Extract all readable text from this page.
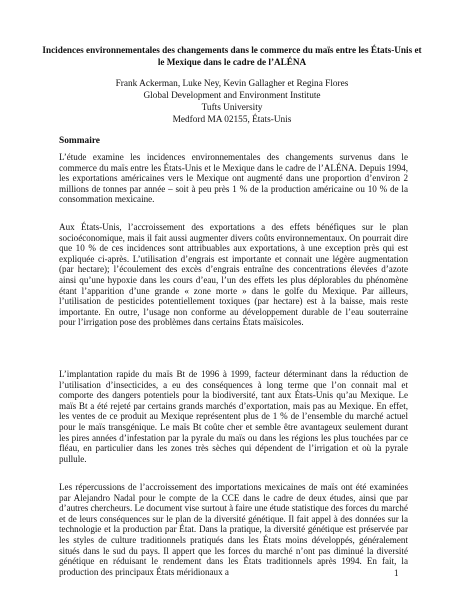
Incidences environnementales des changements dans le commerce du maïs entre les États-Unis et le Mexique dans le cadre de l’ALÉNA
Frank Ackerman, Luke Ney, Kevin Gallagher et Regina Flores
Global Development and Environment Institute
Tufts University
Medford MA 02155, États-Unis
Sommaire

L’étude examine les incidences environnementales des changements survenus dans le commerce du maïs entre les États-Unis et le Mexique dans le cadre de l’ALÉNA. Depuis 1994, les exportations américaines vers le Mexique ont augmenté dans une proportion d’environ 2 millions de tonnes par année – soit à peu près 1 % de la production américaine ou 10 % de la consommation mexicaine.

Aux États-Unis, l’accroissement des exportations a des effets bénéfiques sur le plan socioéconomique, mais il fait aussi augmenter divers coûts environnementaux. On pourrait dire que 10 % de ces incidences sont attribuables aux exportations, à une exception près qui est expliquée ci-après. L’utilisation d’engrais est importante et connait une légère augmentation (par hectare); l’écoulement des excès d’engrais entraîne des concentrations élevées d’azote ainsi qu’une hypoxie dans les cours d’eau, l’un des effets les plus déplorables du phénomène étant l’apparition d’une grande « zone morte » dans le golfe du Mexique. Par ailleurs, l’utilisation de pesticides potentiellement toxiques (par hectare) est à la baisse, mais reste importante. En outre, l’usage non conforme au développement durable de l’eau souterraine pour l’irrigation pose des problèmes dans certains États maïsicoles.

L’implantation rapide du maïs Bt de 1996 à 1999, facteur déterminant dans la réduction de l’utilisation d’insecticides, a eu des conséquences à long terme que l’on connait mal et comporte des dangers potentiels pour la biodiversité, tant aux États-Unis qu’au Mexique. Le maïs Bt a été rejeté par certains grands marchés d’exportation, mais pas au Mexique. En effet, les ventes de ce produit au Mexique représentent plus de 1 % de l’ensemble du marché actuel pour le maïs transgénique. Le maïs Bt coûte cher et semble être avantageux seulement durant les pires années d’infestation par la pyrale du maïs ou dans les régions les plus touchées par ce fléau, en particulier dans les zones très sèches qui dépendent de l’irrigation et où la pyrale pullule.

Les répercussions de l’accroissement des importations mexicaines de maïs ont été examinées par Alejandro Nadal pour le compte de la CCE dans le cadre de deux études, ainsi que par d’autres chercheurs. Le document vise surtout à faire une étude statistique des forces du marché et de leurs conséquences sur le plan de la diversité génétique. Il fait appel à des données sur la technologie et la production par État. Dans la pratique, la diversité génétique est préservée par les styles de culture traditionnels pratiqués dans les États moins développés, généralement situés dans le sud du pays. Il appert que les forces du marché n’ont pas diminué la diversité génétique en réduisant le rendement dans les États traditionnels après 1994. En fait, la production des principaux États méridionaux a	1
